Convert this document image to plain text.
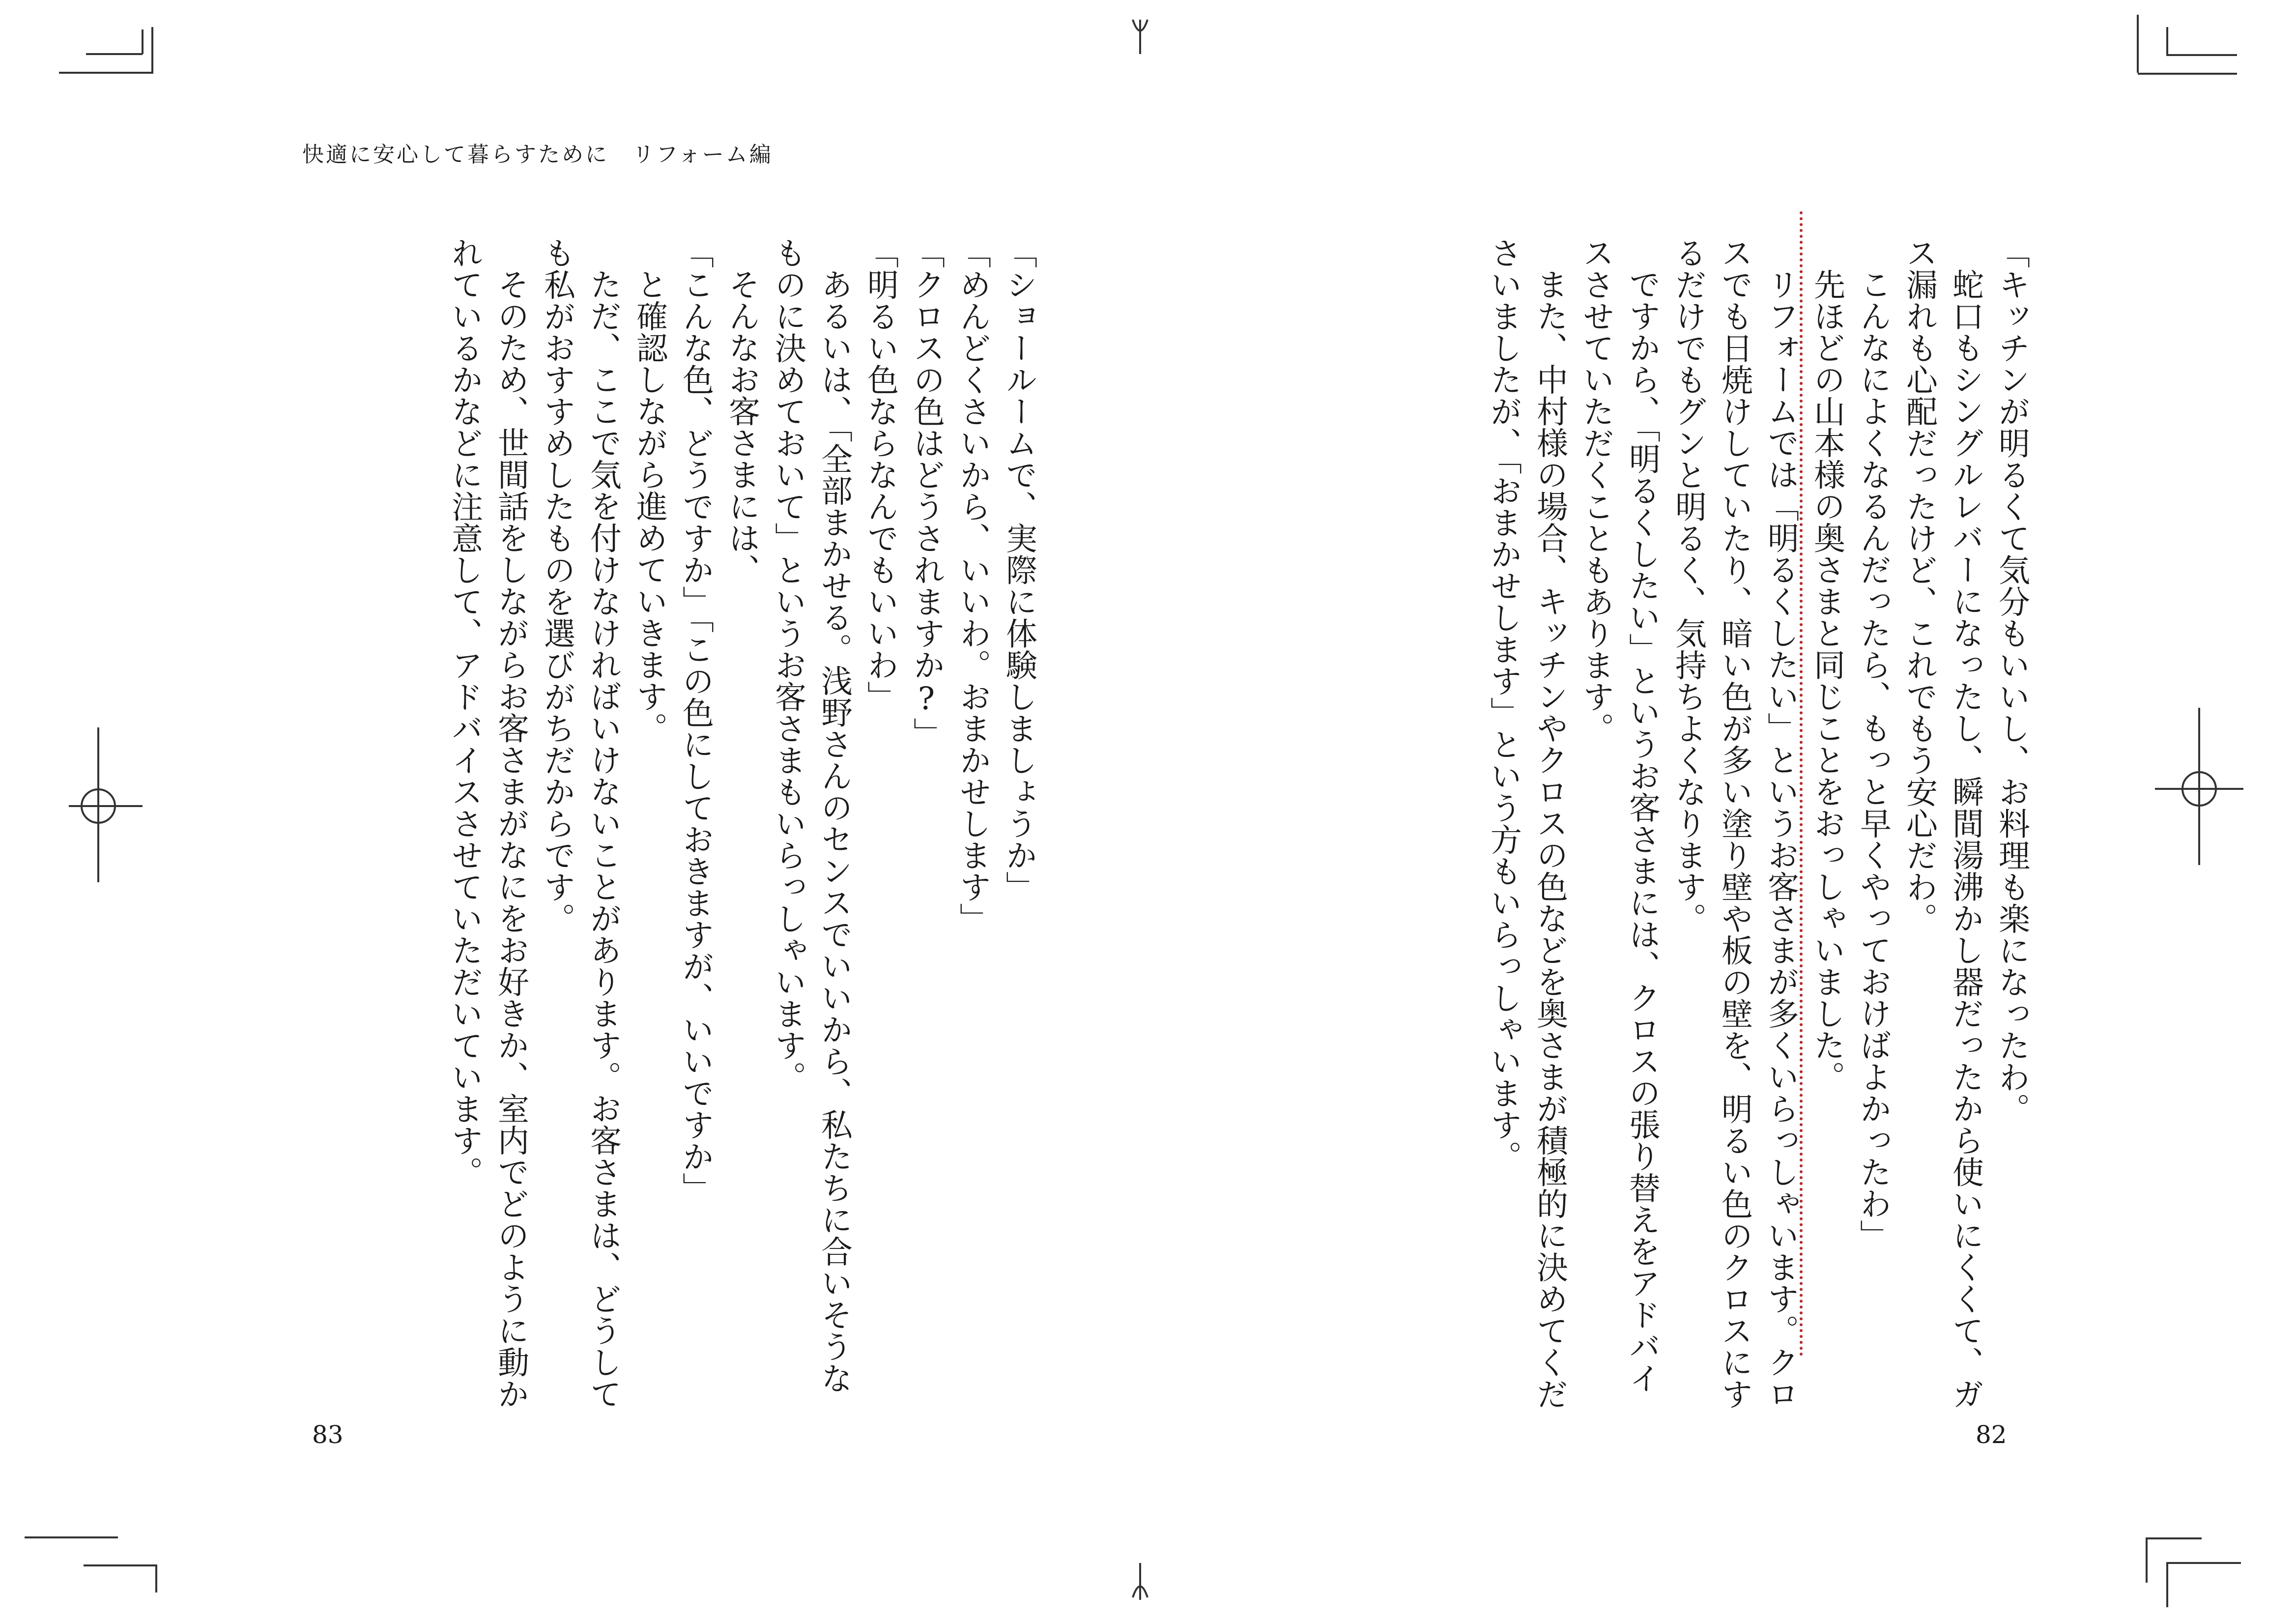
快適に安心して暮らすために　リフォーム編

「ショールームで、実際に体験しましょうか」

「めんどくさいから、いいわ。おまかせします」

「クロスの色はどうされますか?」

「明るい色ならなんでもいいわ」

あるいは、「全部まかせる。浅野さんのセンスでいいから、私たちに合いそうな

ものに決めておいて」というお客さまもいらっしゃいます。

そんなお客さまには、

「こんな色、どうですか」「この色にしておきますが、いいですか」

と確認しながら進めていきます。

ただ、ここで気を付けなければいけないことがあります。お客さまは、どうして

も私がおすすめしたものを選びがちだからです。

そのため、世間話をしながらお客さまがなにをお好きか、室内でどのように動か

れているかなどに注意して、アドバイスさせていただいています。	「キッチンが明るくて気分もいいし、お料理も楽になったわ。

蛇口もシングルレバーになったし、瞬間湯沸かし器だったから使いにくくて、ガ

ス漏れも心配だったけど、これでもう安心だわ。

こんなによくなるんだったら、もっと早くやっておけばよかったわ」

先ほどの山本様の奥さまと同じことをおっしゃいました。

リフォームでは「明るくしたい」というお客さまが多くいらっしゃいます。クロ

スでも日焼けしていたり、暗い色が多い塗り壁や板の壁を、明るい色のクロスにす

るだけでもグンと明るく、気持ちよくなります。

ですから、「明るくしたい」というお客さまには、クロスの張り替えをアドバイ

スさせていただくこともあります。

また、中村様の場合、キッチンやクロスの色などを奥さまが積極的に決めてくだ

さいましたが、「おまかせします」という方もいらっしゃいます。

83	82
